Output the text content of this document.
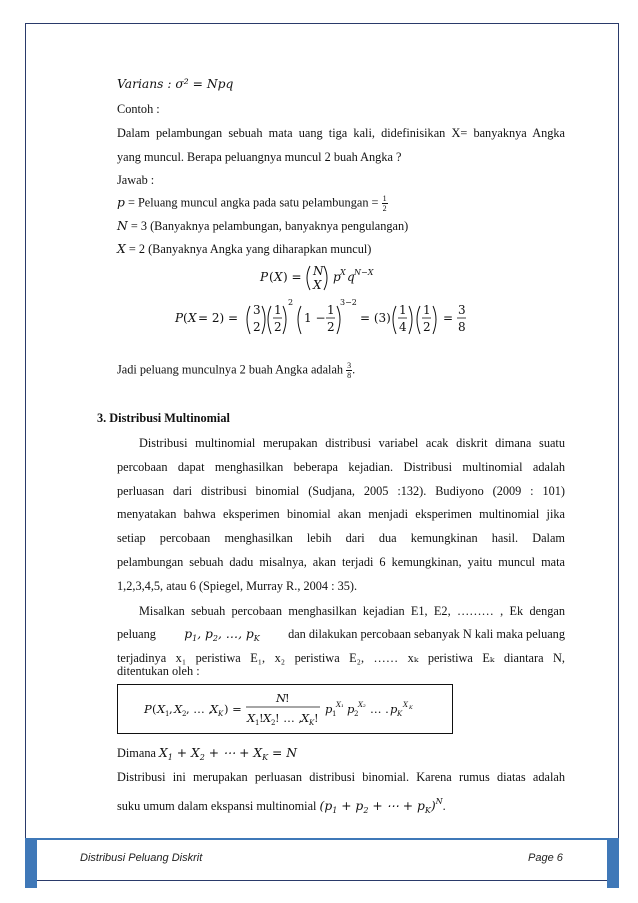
Varians : σ² = Npq
Contoh :
Dalam pelambungan sebuah mata uang tiga kali, didefinisikan X= banyaknya Angka
yang muncul. Berapa peluangnya muncul 2 buah Angka ?
Jawab :
p = Peluang muncul angka pada satu pelambungan = $\frac{1}{2}$
N = 3 (Banyaknya pelambungan, banyaknya pengulangan)
X = 2 (Banyaknya Angka yang diharapkan muncul)
P ( X ) = N
X
p X q N−X
P ( X = 2) =
3
2
1
2
2
1 −
1
2
3−2
= (3)
1
4
1
2
=
3
8
Jadi peluang munculnya 2 buah Angka adalah $\frac{3}{8}$.
3. Distribusi Multinomial
Distribusi multinomial merupakan distribusi variabel acak diskrit dimana suatu
percobaan dapat menghasilkan beberapa kejadian. Distribusi multinomial adalah
perluasan dari distribusi binomial (Sudjana, 2005 :132). Budiyono (2009 : 101)
menyatakan bahwa eksperimen binomial akan menjadi eksperimen multinomial jika
setiap percobaan menghasilkan lebih dari dua kemungkinan hasil. Dalam
pelambungan sebuah dadu misalnya, akan terjadi 6 kemungkinan, yaitu muncul mata
1,2,3,4,5, atau 6 (Spiegel, Murray R., 2004 : 35).
Misalkan sebuah percobaan menghasilkan kejadian E1, E2, ……… , Ek dengan
peluang $p_1$, $p_2$, …, $p_K$ dan dilakukan percobaan sebanyak N kali maka peluang
terjadinya x₁ peristiwa E₁, x₂ peristiwa E₂, …… xₖ peristiwa Eₖ diantara N,
ditentukan oleh :
P ( X 1 , X 2 , … ,
X K ) =
N
!
X 1 ! X 2 ! … ,
X K !
p 1
X₁ p 2
X₂ … . p K
X K
Dimana $X_1 + X_2$ + ⋯ + $X_K = N$
Distribusi ini merupakan perluasan distribusi binomial. Karena rumus diatas adalah
suku umum dalam ekspansi multinomial ($p_1 + p_2$ + ⋯ + $p_K)^N$.
Distribusi Peluang Diskrit	Page 6
